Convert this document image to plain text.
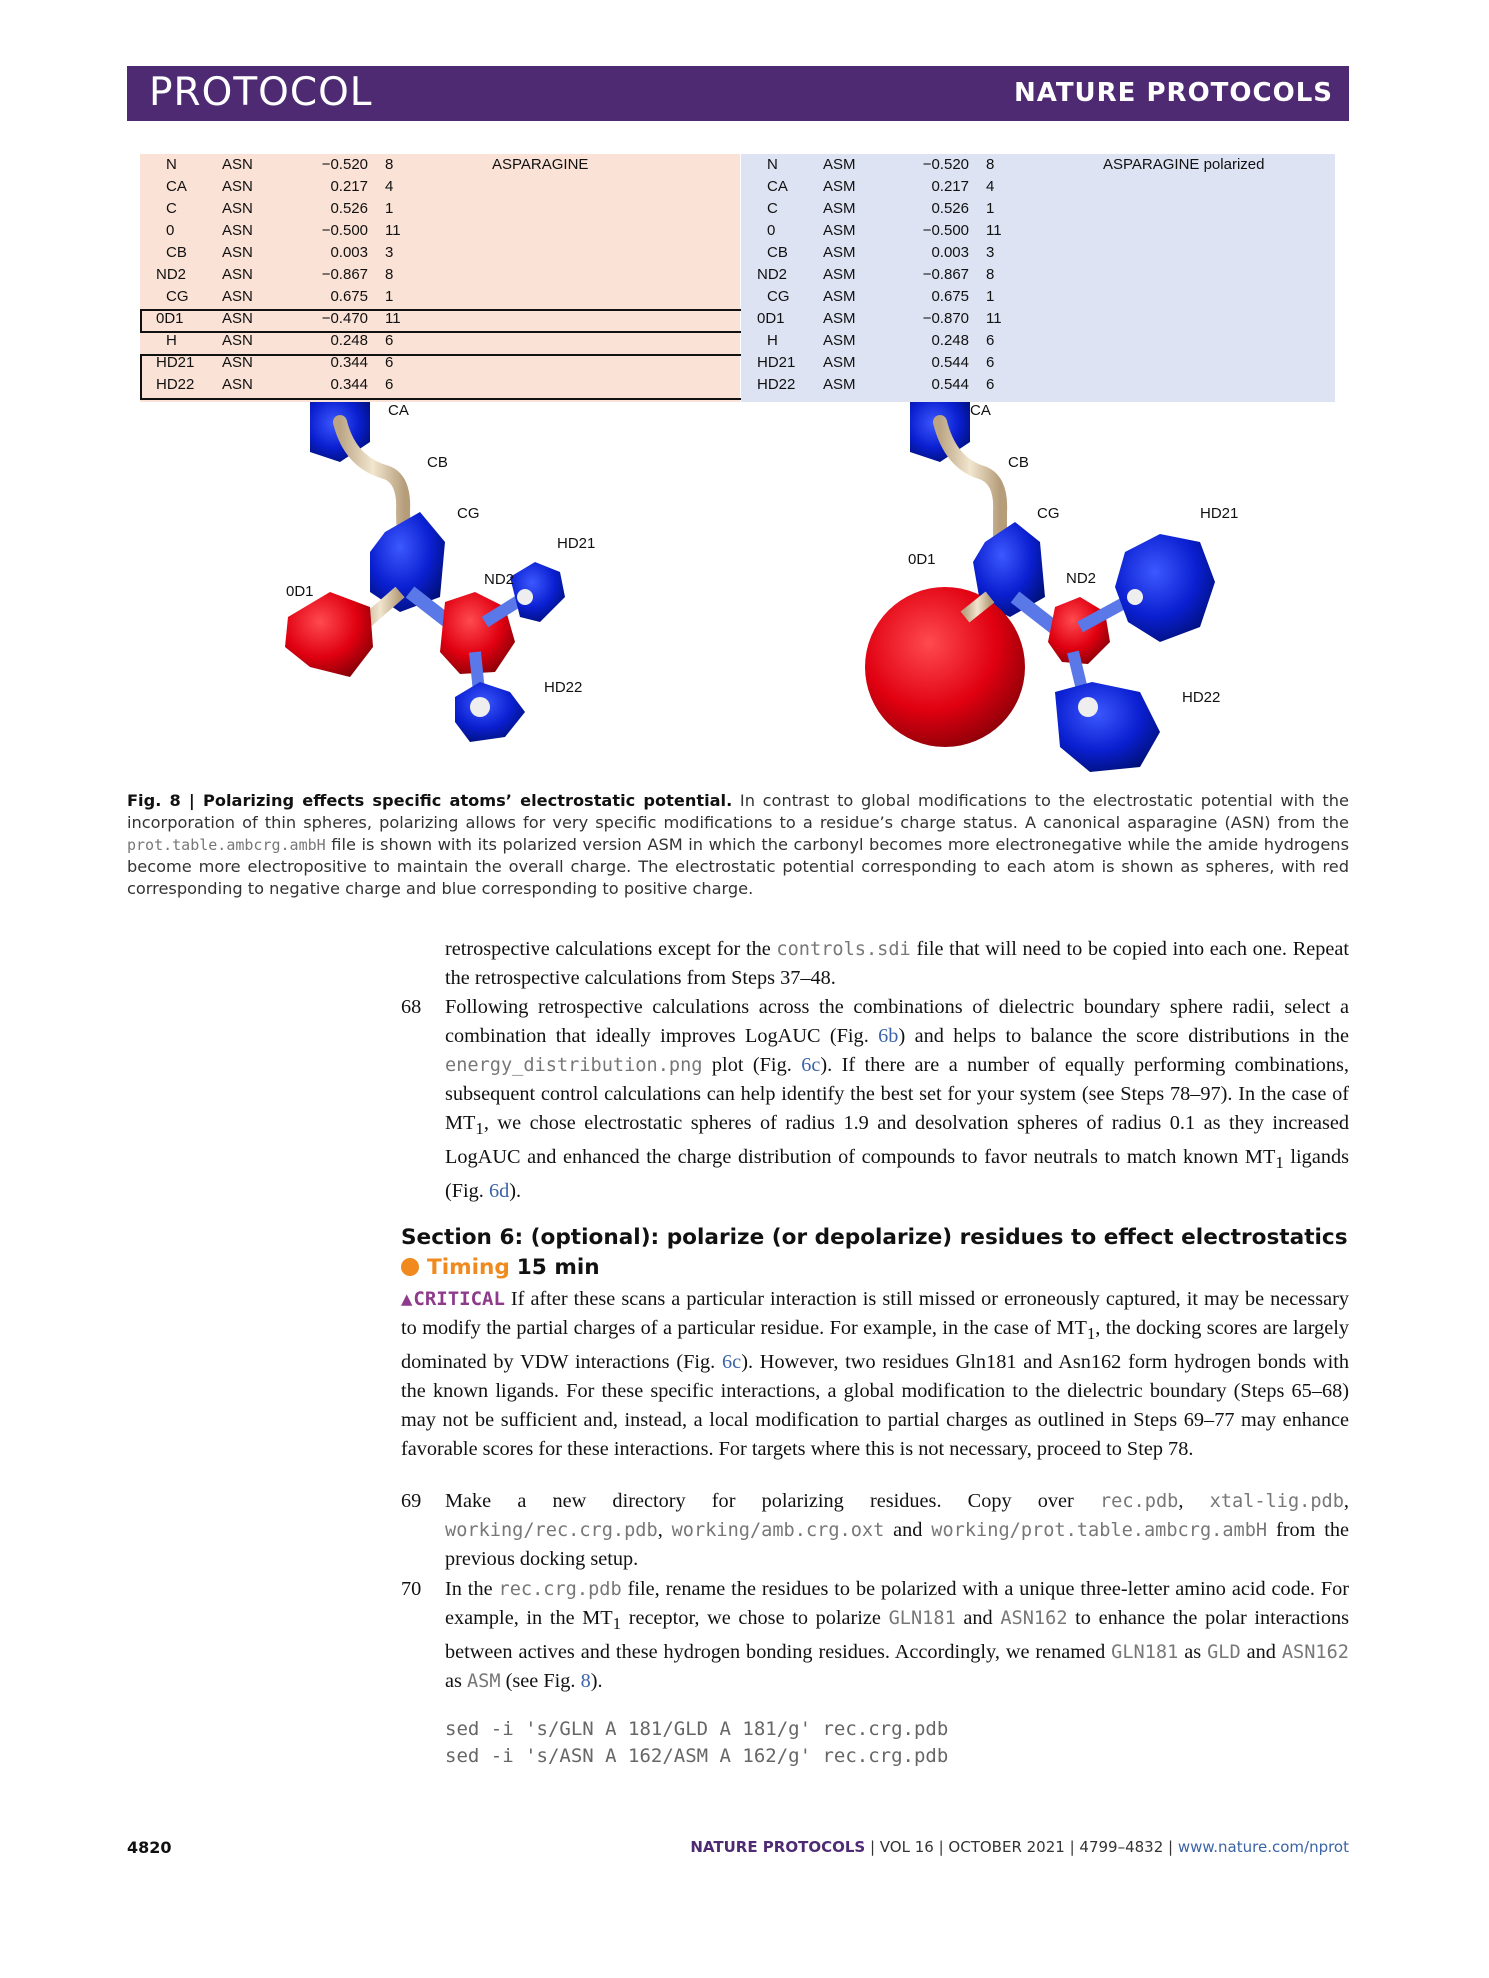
PROTOCOL	NATURE PROTOCOLS
ASPARAGINE
N	ASN	−0.520 8
CA ASN	0.217 4
C	ASN	0.526 1
0	ASN	−0.500 11
CB ASN	0.003 3
ND2 ASN	−0.867 8
CG ASN	0.675 1
0D1	ASN	−0.470 11
H	ASN	0.248 6
HD21 ASN	0.344 6
HD22 ASN	0.344 6
ASPARAGINE polarized
N	ASM	−0.520 8
CA ASM	0.217 4
C	ASM	0.526 1
0	ASM	−0.500 11
CB ASM	0.003 3
ND2 ASM	−0.867 8
CG ASM	0.675 1
0D1	ASM	−0.870 11
H	ASM	0.248 6
HD21 ASM	0.544 6
HD22 ASM	0.544 6
CA
CB
CG
HD21
ND2
0D1
HD22
CA
CB
CG	HD21
0D1
ND2
HD22
Fig. 8 | Polarizing effects specific atoms’ electrostatic potential. In contrast to global modifications to the electrostatic potential with the incorporation of thin spheres, polarizing allows for very specific modifications to a residue’s charge status. A canonical asparagine (ASN) from the prot.table.ambcrg.ambH file is shown with its polarized version ASM in which the carbonyl becomes more electronegative while the amide hydrogens become more electropositive to maintain the overall charge. The electrostatic potential corresponding to each atom is shown as spheres, with red corresponding to negative charge and blue corresponding to positive charge.
retrospective calculations except for the controls.sdi file that will need to be copied into each one. Repeat the retrospective calculations from Steps 37–48.
68 Following retrospective calculations across the combinations of dielectric boundary sphere radii, select a combination that ideally improves LogAUC (Fig. 6b) and helps to balance the score distributions in the energy_distribution.png plot (Fig. 6c). If there are a number of equally performing combinations, subsequent control calculations can help identify the best set for your system (see Steps 78–97). In the case of $MT_1$, we chose electrostatic spheres of radius 1.9 and desolvation spheres of radius 0.1 as they increased LogAUC and enhanced the charge distribution of compounds to favor neutrals to match known $MT_1$ ligands (Fig. 6d).
Section 6: (optional): polarize (or depolarize) residues to effect electrostatics
Timing 15 min
▲CRITICAL If after these scans a particular interaction is still missed or erroneously captured, it may be necessary to modify the partial charges of a particular residue. For example, in the case of $MT_1$, the docking scores are largely dominated by VDW interactions (Fig. 6c). However, two residues Gln181 and Asn162 form hydrogen bonds with the known ligands. For these specific interactions, a global modification to the dielectric boundary (Steps 65–68) may not be sufficient and, instead, a local modification to partial charges as outlined in Steps 69–77 may enhance favorable scores for these interactions. For targets where this is not necessary, proceed to Step 78.
69 Make a new directory for polarizing residues. Copy over rec.pdb, xtal-lig.pdb, working/rec.crg.pdb, working/amb.crg.oxt and working/prot.table.ambcrg.ambH from the previous docking setup.
70 In the rec.crg.pdb file, rename the residues to be polarized with a unique three-letter amino acid code. For example, in the $MT_1$ receptor, we chose to polarize GLN181 and ASN162 to enhance the polar interactions between actives and these hydrogen bonding residues. Accordingly, we renamed GLN181 as GLD and ASN162 as ASM (see Fig. 8).
sed -i 's/GLN A 181/GLD A 181/g' rec.crg.pdb
sed -i 's/ASN A 162/ASM A 162/g' rec.crg.pdb
4820	NATURE PROTOCOLS | VOL 16 | OCTOBER 2021 | 4799–4832 | www.nature.com/nprot
